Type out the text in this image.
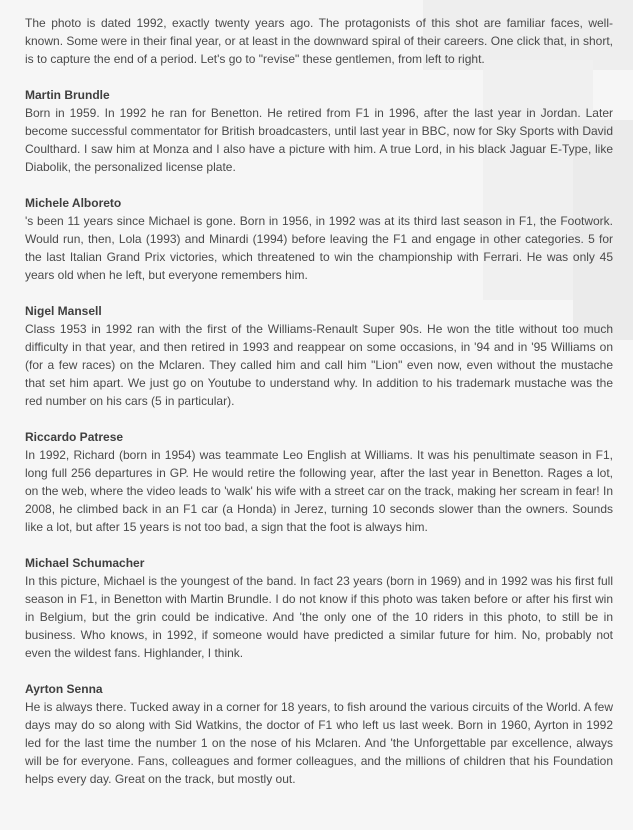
The photo is dated 1992, exactly twenty years ago. The protagonists of this shot are familiar faces, well-known. Some were in their final year, or at least in the downward spiral of their careers. One click that, in short, is to capture the end of a period. Let's go to "revise" these gentlemen, from left to right.

Martin Brundle

Born in 1959. In 1992 he ran for Benetton. He retired from F1 in 1996, after the last year in Jordan. Later become successful commentator for British broadcasters, until last year in BBC, now for Sky Sports with David Coulthard. I saw him at Monza and I also have a picture with him. A true Lord, in his black Jaguar E-Type, like Diabolik, the personalized license plate.

Michele Alboreto

's been 11 years since Michael is gone. Born in 1956, in 1992 was at its third last season in F1, the Footwork. Would run, then, Lola (1993) and Minardi (1994) before leaving the F1 and engage in other categories. 5 for the last Italian Grand Prix victories, which threatened to win the championship with Ferrari. He was only 45 years old when he left, but everyone remembers him.

Nigel Mansell

Class 1953 in 1992 ran with the first of the Williams-Renault Super 90s. He won the title without too much difficulty in that year, and then retired in 1993 and reappear on some occasions, in '94 and in '95 Williams on (for a few races) on the Mclaren. They called him and call him "Lion" even now, even without the mustache that set him apart. We just go on Youtube to understand why. In addition to his trademark mustache was the red number on his cars (5 in particular).

Riccardo Patrese

In 1992, Richard (born in 1954) was teammate Leo English at Williams. It was his penultimate season in F1, long full 256 departures in GP. He would retire the following year, after the last year in Benetton. Rages a lot, on the web, where the video leads to 'walk' his wife with a street car on the track, making her scream in fear! In 2008, he climbed back in an F1 car (a Honda) in Jerez, turning 10 seconds slower than the owners. Sounds like a lot, but after 15 years is not too bad, a sign that the foot is always him.

Michael Schumacher

In this picture, Michael is the youngest of the band. In fact 23 years (born in 1969) and in 1992 was his first full season in F1, in Benetton with Martin Brundle. I do not know if this photo was taken before or after his first win in Belgium, but the grin could be indicative. And 'the only one of the 10 riders in this photo, to still be in business. Who knows, in 1992, if someone would have predicted a similar future for him. No, probably not even the wildest fans. Highlander, I think.

Ayrton Senna

He is always there. Tucked away in a corner for 18 years, to fish around the various circuits of the World. A few days may do so along with Sid Watkins, the doctor of F1 who left us last week. Born in 1960, Ayrton in 1992 led for the last time the number 1 on the nose of his Mclaren. And 'the Unforgettable par excellence, always will be for everyone. Fans, colleagues and former colleagues, and the millions of children that his Foundation helps every day. Great on the track, but mostly out.
